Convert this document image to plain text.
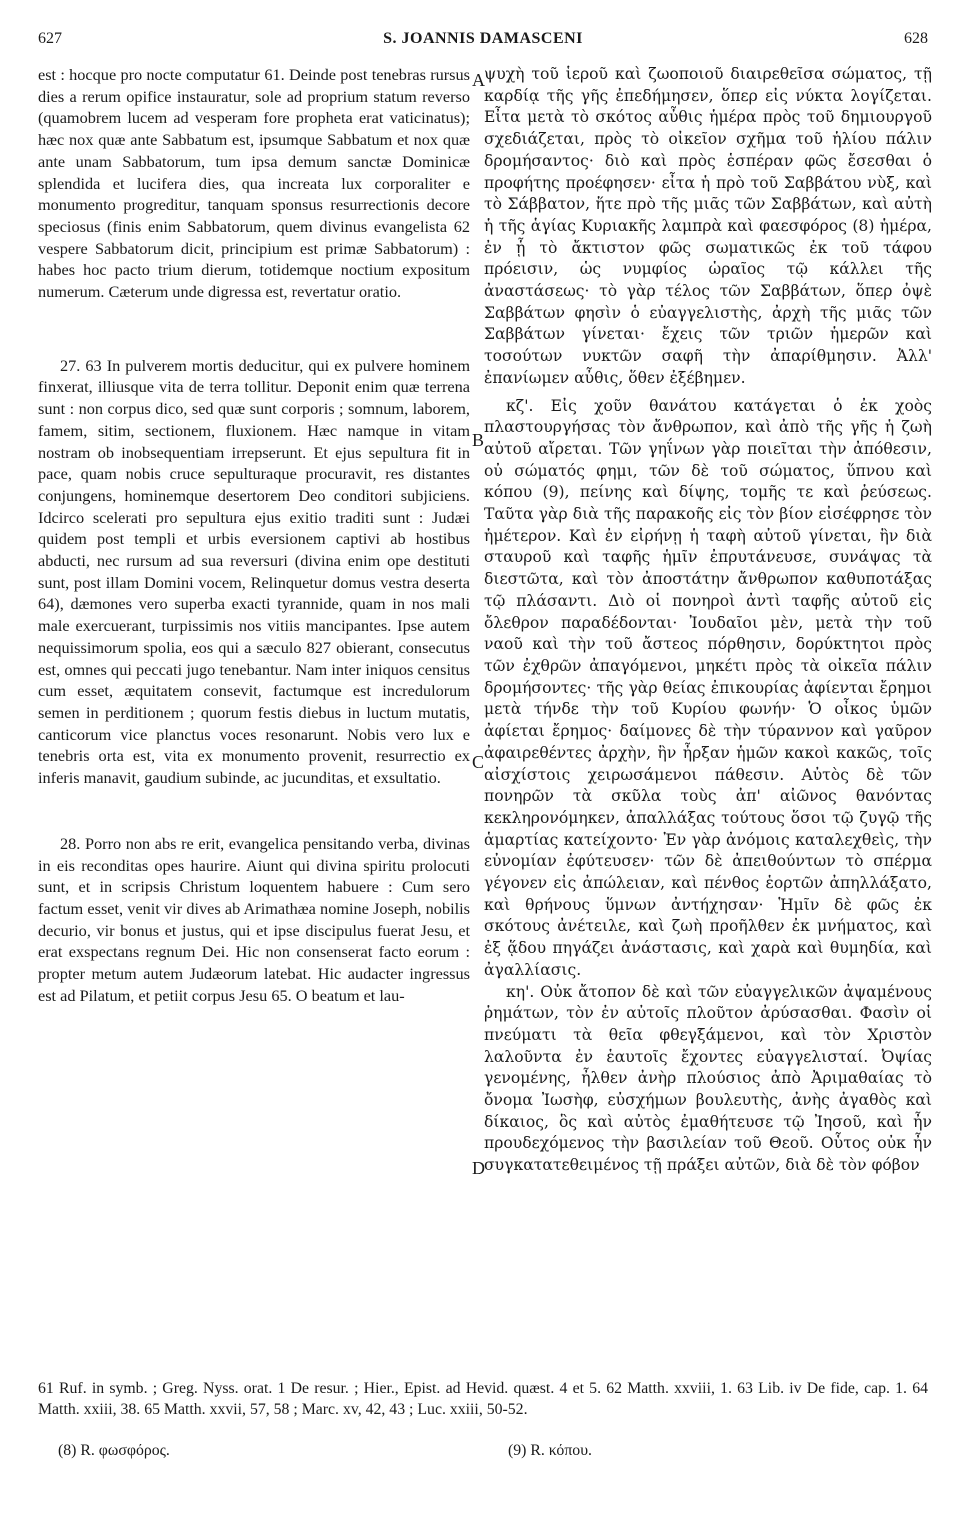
627	S. JOANNIS DAMASCENI	628

est : hocque pro nocte computatur 61. Deinde post tenebras rursus dies a rerum opifice instauratur, sole ad proprium statum reverso (quamobrem lucem ad vesperam fore propheta erat vaticinatus); hæc nox quæ ante Sabbatum est, ipsumque Sabbatum et nox quæ ante unam Sabbatorum, tum ipsa demum sanctæ Dominicæ splendida et lucifera dies, qua increata lux corporaliter e monumento progreditur, tanquam sponsus resurrectionis decore speciosus (finis enim Sabbatorum, quem divinus evangelista 62 vespere Sabbatorum dicit, principium est primæ Sabbatorum) : habes hoc pacto trium dierum, totidemque noctium expositum numerum. Cæterum unde digressa est, revertatur oratio.

27. 63 In pulverem mortis deducitur, qui ex pulvere hominem finxerat, illiusque vita de terra tollitur. Deponit enim quæ terrena sunt : non corpus dico, sed quæ sunt corporis ; somnum, laborem, famem, sitim, sectionem, fluxionem. Hæc namque in vitam nostram ob inobsequentiam irrepserunt. Et ejus sepultura fit in pace, quam nobis cruce sepulturaque procuravit, res distantes conjungens, hominemque desertorem Deo conditori subjiciens. Idcirco scelerati pro sepultura ejus exitio traditi sunt : Judæi quidem post templi et urbis eversionem captivi ab hostibus abducti, nec rursum ad sua reversuri (divina enim ope destituti sunt, post illam Domini vocem, Relinquetur domus vestra deserta 64), dæmones vero superba exacti tyrannide, quam in nos mali male exercuerant, turpissimis nos vitiis mancipantes. Ipse autem nequissimorum spolia, eos qui a sæculo 827 obierant, consecutus est, omnes qui peccati jugo tenebantur. Nam inter iniquos censitus cum esset, æquitatem consevit, factumque est incredulorum semen in perditionem ; quorum festis diebus in luctum mutatis, canticorum vice planctus voces resonarunt. Nobis vero lux e tenebris orta est, vita ex monumento provenit, resurrectio ex inferis manavit, gaudium subinde, ac jucunditas, et exsultatio.

28. Porro non abs re erit, evangelica pensitando verba, divinas in eis reconditas opes haurire. Aiunt qui divina spiritu prolocuti sunt, et in scripsis Christum loquentem habuere : Cum sero factum esset, venit vir dives ab Arimathæa nomine Joseph, nobilis decurio, vir bonus et justus, qui et ipse discipulus fuerat Jesu, et erat exspectans regnum Dei. Hic non consenserat facto eorum : propter metum autem Judæorum latebat. Hic audacter ingressus est ad Pilatum, et petiit corpus Jesu 65. O beatum et lau-

A
B
C
D

ψυχὴ τοῦ ἱεροῦ καὶ ζωοποιοῦ διαιρεθεῖσα σώματος, τῇ καρδίᾳ τῆς γῆς ἐπεδήμησεν, ὅπερ εἰς νύκτα λογίζεται. Εἶτα μετὰ τὸ σκότος αὖθις ἡμέρα πρὸς τοῦ δημιουργοῦ σχεδιάζεται, πρὸς τὸ οἰκεῖον σχῆμα τοῦ ἡλίου πάλιν δρομήσαντος· διὸ καὶ πρὸς ἑσπέραν φῶς ἔσεσθαι ὁ προφήτης προέφησεν· εἶτα ἡ πρὸ τοῦ Σαββάτου νὺξ, καὶ τὸ Σάββατον, ἥτε πρὸ τῆς μιᾶς τῶν Σαββάτων, καὶ αὐτὴ ἡ τῆς ἁγίας Κυριακῆς λαμπρὰ καὶ φαεσφόρος (8) ἡμέρα, ἐν ᾗ τὸ ἄκτιστον φῶς σωματικῶς ἐκ τοῦ τάφου πρόεισιν, ὡς νυμφίος ὡραῖος τῷ κάλλει τῆς ἀναστάσεως· τὸ γὰρ τέλος τῶν Σαββάτων, ὅπερ ὀψὲ Σαββάτων φησὶν ὁ εὐαγγελιστὴς, ἀρχὴ τῆς μιᾶς τῶν Σαββάτων γίνεται· ἔχεις τῶν τριῶν ἡμερῶν καὶ τοσούτων νυκτῶν σαφῆ τὴν ἀπαρίθμησιν. Ἀλλ' ἐπανίωμεν αὖθις, ὅθεν ἐξέβημεν.

κζ'. Εἰς χοῦν θανάτου κατάγεται ὁ ἐκ χοὸς πλαστουργήσας τὸν ἄνθρωπον, καὶ ἀπὸ τῆς γῆς ἡ ζωὴ αὐτοῦ αἴρεται. Τῶν γηΐνων γὰρ ποιεῖται τὴν ἀπόθεσιν, οὐ σώματός φημι, τῶν δὲ τοῦ σώματος, ὕπνου καὶ κόπου (9), πείνης καὶ δίψης, τομῆς τε καὶ ῥεύσεως. Ταῦτα γὰρ διὰ τῆς παρακοῆς εἰς τὸν βίον εἰσέφρησε τὸν ἡμέτερον. Καὶ ἐν εἰρήνῃ ἡ ταφὴ αὐτοῦ γίνεται, ἣν διὰ σταυροῦ καὶ ταφῆς ἡμῖν ἐπρυτάνευσε, συνάψας τὰ διεστῶτα, καὶ τὸν ἀποστάτην ἄνθρωπον καθυποτάξας τῷ πλάσαντι. Διὸ οἱ πονηροὶ ἀντὶ ταφῆς αὐτοῦ εἰς ὄλεθρον παραδέδονται· Ἰουδαῖοι μὲν, μετὰ τὴν τοῦ ναοῦ καὶ τὴν τοῦ ἄστεος πόρθησιν, δορύκτητοι πρὸς τῶν ἐχθρῶν ἀπαγόμενοι, μηκέτι πρὸς τὰ οἰκεῖα πάλιν δρομήσοντες· τῆς γὰρ θείας ἐπικουρίας ἀφίενται ἔρημοι μετὰ τήνδε τὴν τοῦ Κυρίου φωνήν· Ὁ οἶκος ὑμῶν ἀφίεται ἔρημος· δαίμονες δὲ τὴν τύραννον καὶ γαῦρον ἀφαιρεθέντες ἀρχὴν, ἣν ἦρξαν ἡμῶν κακοὶ κακῶς, τοῖς αἰσχίστοις χειρωσάμενοι πάθεσιν. Αὐτὸς δὲ τῶν πονηρῶν τὰ σκῦλα τοὺς ἀπ' αἰῶνος θανόντας κεκληρονόμηκεν, ἀπαλλάξας τούτους ὅσοι τῷ ζυγῷ τῆς ἁμαρτίας κατείχοντο· Ἐν γὰρ ἀνόμοις καταλεχθεὶς, τὴν εὐνομίαν ἐφύτευσεν· τῶν δὲ ἀπειθούντων τὸ σπέρμα γέγονεν εἰς ἀπώλειαν, καὶ πένθος ἑορτῶν ἀπηλλάξατο, καὶ θρήνους ὕμνων ἀντήχησαν· Ἡμῖν δὲ φῶς ἐκ σκότους ἀνέτειλε, καὶ ζωὴ προῆλθεν ἐκ μνήματος, καὶ ἐξ ᾅδου πηγάζει ἀνάστασις, καὶ χαρὰ καὶ θυμηδία, καὶ ἀγαλλίασις.

κη'. Οὐκ ἄτοπον δὲ καὶ τῶν εὐαγγελικῶν ἀψαμένους ῥημάτων, τὸν ἐν αὐτοῖς πλοῦτον ἀρύσασθαι. Φασὶν οἱ πνεύματι τὰ θεῖα φθεγξάμενοι, καὶ τὸν Χριστὸν λαλοῦντα ἐν ἑαυτοῖς ἔχοντες εὐαγγελισταί. Ὀψίας γενομένης, ἦλθεν ἀνὴρ πλούσιος ἀπὸ Ἀριμαθαίας τὸ ὄνομα Ἰωσὴφ, εὐσχήμων βουλευτὴς, ἀνὴς ἀγαθὸς καὶ δίκαιος, ὃς καὶ αὐτὸς ἐμαθήτευσε τῷ Ἰησοῦ, καὶ ἦν προυδεχόμενος τὴν βασιλείαν τοῦ Θεοῦ. Οὗτος οὐκ ἦν συγκατατεθειμένος τῇ πράξει αὐτῶν, διὰ δὲ τὸν φόβον

61 Ruf. in symb. ; Greg. Nyss. orat. 1 De resur. ; Hier., Epist. ad Hevid. quæst. 4 et 5. 62 Matth. xxviii, 1. 63 Lib. iv De fide, cap. 1. 64 Matth. xxiii, 38. 65 Matth. xxvii, 57, 58 ; Marc. xv, 42, 43 ; Luc. xxiii, 50-52.
(8) R. φωσφόρος.	(9) R. κόπου.
